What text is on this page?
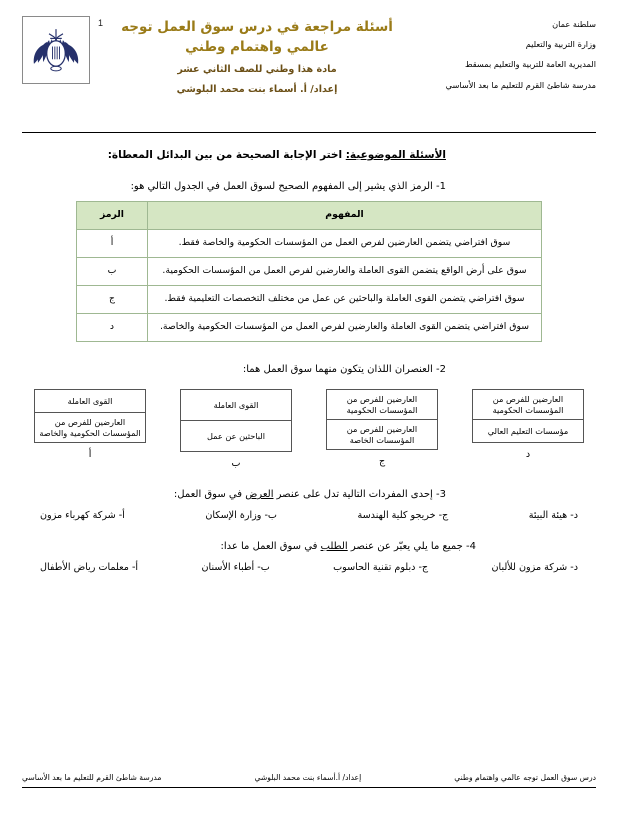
سلطنة عمان
وزارة التربية والتعليم
المديرية العامة للتربية والتعليم بمسقط
مدرسة شاطئ القرم للتعليم ما بعد الأساسي
أسئلة مراجعة في درس سوق العمل توجه
عالمي واهتمام وطني
مادة هذا وطني للصف الثاني عشر
إعداد/ أ. أسماء بنت محمد البلوشي
1
الأسئلة الموضوعية: اختر الإجابة الصحيحة من بين البدائل المعطاة:
1- الرمز الذي يشير إلى المفهوم الصحيح لسوق العمل في الجدول التالي هو:
المفهوم	الرمز
سوق افتراضي يتضمن العارضين لفرص العمل من المؤسسات الحكومية والخاصة فقط.	أ
سوق على أرض الواقع يتضمن القوى العاملة والعارضين لفرص العمل من المؤسسات الحكومية.	ب
سوق افتراضي يتضمن القوى العاملة والباحثين عن عمل من مختلف التخصصات التعليمية فقط.	ج
سوق افتراضي يتضمن القوى العاملة والعارضين لفرص العمل من المؤسسات الحكومية والخاصة.	د
2- العنصران اللذان يتكون منهما سوق العمل هما:
العارضين للفرص من المؤسسات الحكومية
مؤسسات التعليم العالي
د
العارضين للفرص من المؤسسات الحكومية
العارضين للفرص من المؤسسات الخاصة
ج
القوى العاملة
الباحثين عن عمل
ب
القوى العاملة
العارضين للفرص من المؤسسات الحكومية والخاصة
أ
3- إحدى المفردات التالية تدل على عنصر العرض في سوق العمل:
د- هيئة البيئة
ج- خريجو كلية الهندسة
ب- وزارة الإسكان
أ- شركة كهرباء مزون
4- جميع ما يلي يعبّر عن عنصر الطلب في سوق العمل ما عدا:
د- شركة مزون للألبان
ج- دبلوم تقنية الحاسوب
ب- أطباء الأسنان
أ- معلمات رياض الأطفال
درس سوق العمل توجه عالمي واهتمام وطني
إعداد/ أ.أسماء بنت محمد البلوشي
مدرسة شاطئ القرم للتعليم ما بعد الأساسي
